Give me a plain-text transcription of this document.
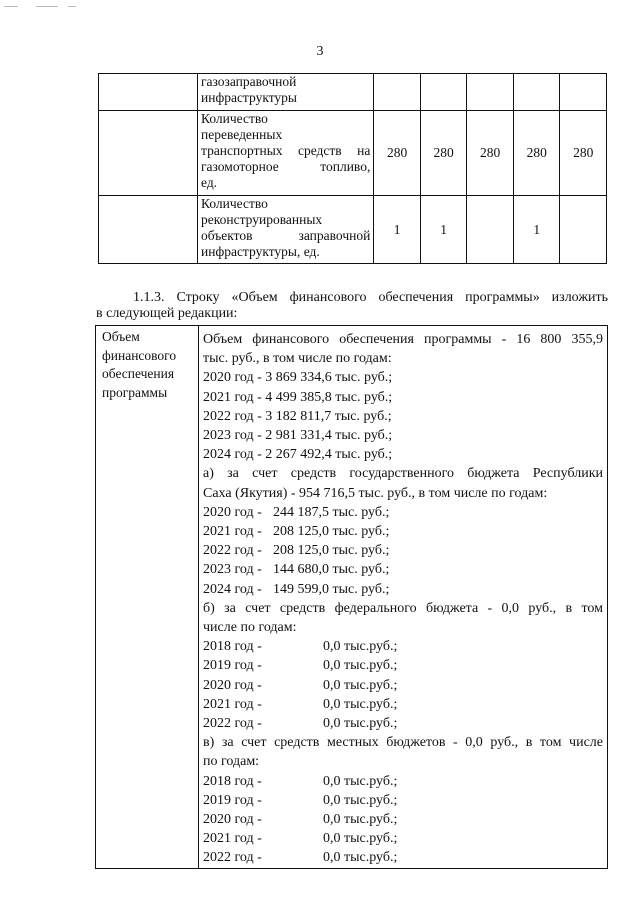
3

	газозаправочной
инфраструктуры					

	Количество
переведенных
транспортных средств на
газомоторное топливо,
ед.	280	280	280	280	280

	Количество
реконструированных
объектов заправочной
инфраструктуры, ед.	1	1		1	
1.1.3. Строку «Объем финансового обеспечения программы» изложить
в следующей редакции:
Объем
финансового
обеспечения
программы

Объем финансового обеспечения программы - 16 800 355,9
тыс. руб., в том числе по годам:
2020 год - 3 869 334,6 тыс. руб.;
2021 год - 4 499 385,8 тыс. руб.;
2022 год - 3 182 811,7 тыс. руб.;
2023 год - 2 981 331,4 тыс. руб.;
2024 год - 2 267 492,4 тыс. руб.;
а) за счет средств государственного бюджета Республики
Саха (Якутия) - 954 716,5 тыс. руб., в том числе по годам:
2020 год - 244 187,5 тыс. руб.;
2021 год - 208 125,0 тыс. руб.;
2022 год - 208 125,0 тыс. руб.;
2023 год - 144 680,0 тыс. руб.;
2024 год - 149 599,0 тыс. руб.;
б) за счет средств федерального бюджета - 0,0 руб., в том
числе по годам:
2018 год -	0,0 тыс.руб.;
2019 год -	0,0 тыс.руб.;
2020 год -	0,0 тыс.руб.;
2021 год -	0,0 тыс.руб.;
2022 год -	0,0 тыс.руб.;
в) за счет средств местных бюджетов - 0,0 руб., в том числе
по годам:
2018 год -	0,0 тыс.руб.;
2019 год -	0,0 тыс.руб.;
2020 год -	0,0 тыс.руб.;
2021 год -	0,0 тыс.руб.;
2022 год -	0,0 тыс.руб.;
